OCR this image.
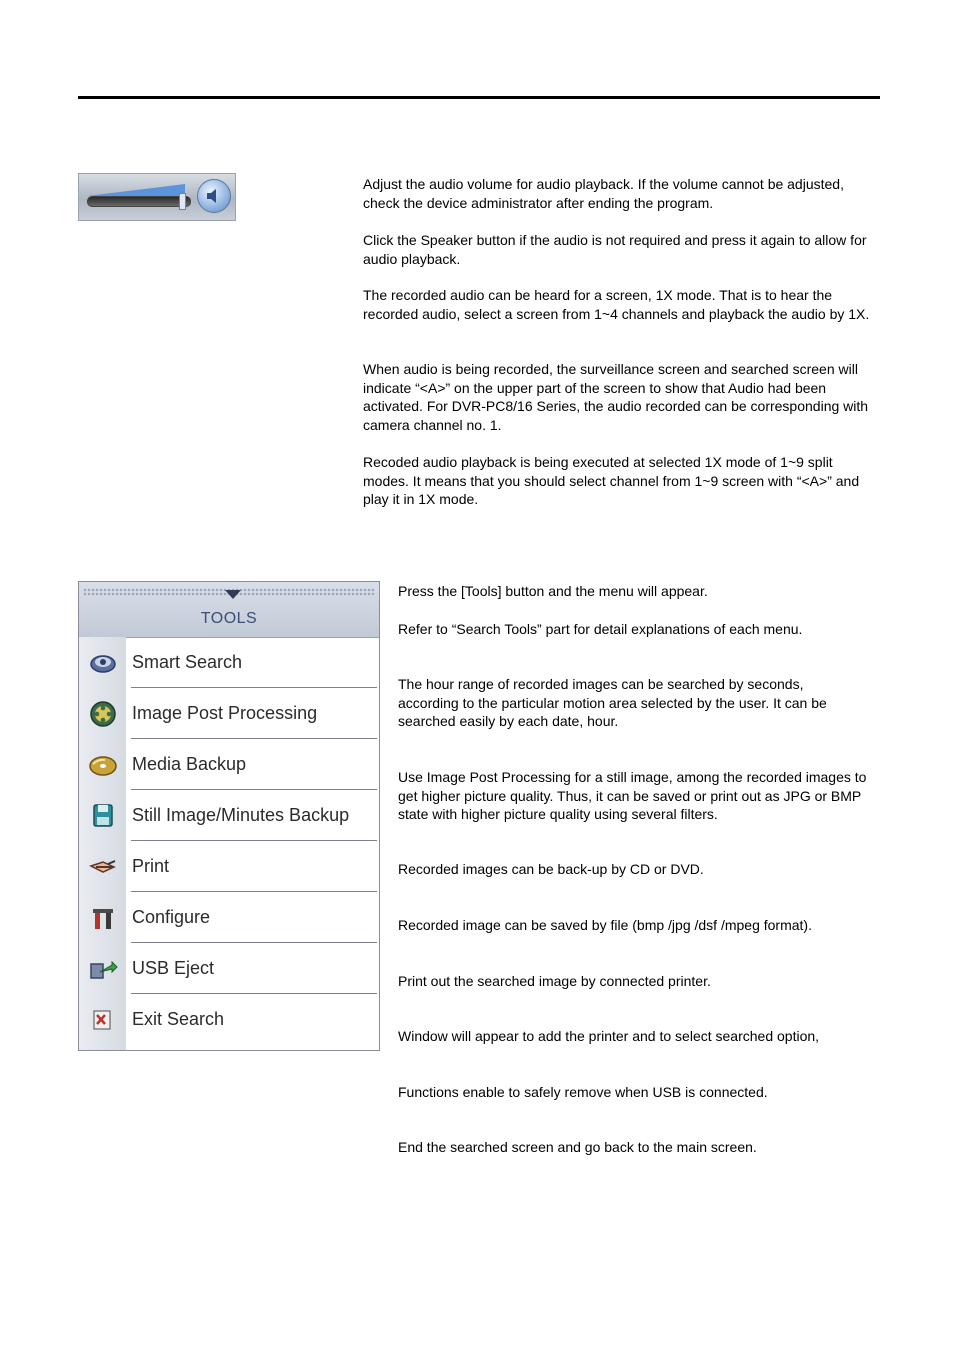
Adjust the audio volume for audio playback. If the volume cannot be adjusted, check the device administrator after ending the program.

Click the Speaker button if the audio is not required and press it again to allow for audio playback.

The recorded audio can be heard for a screen, 1X mode. That is to hear the recorded audio, select a screen from 1~4 channels and playback the audio by 1X.

When audio is being recorded, the surveillance screen and searched screen will indicate “<A>” on the upper part of the screen to show that Audio had been activated. For DVR-PC8/16 Series, the audio recorded can be corresponding with camera channel no. 1.

Recoded audio playback is being executed at selected 1X mode of 1~9 split modes. It means that you should select channel from 1~9 screen with “<A>” and play it in 1X mode.

TOOLS
Smart Search
Image Post Processing
Media Backup
Still Image/Minutes Backup
Print
Configure
USB Eject
Exit Search

Press the [Tools] button and the menu will appear.

Refer to “Search Tools” part for detail explanations of each menu.

The hour range of recorded images can be searched by seconds, according to the particular motion area selected by the user. It can be searched easily by each date, hour.

Use Image Post Processing for a still image, among the recorded images to get higher picture quality. Thus, it can be saved or print out as JPG or BMP state with higher picture quality using several filters.

Recorded images can be back-up by CD or DVD.

Recorded image can be saved by file (bmp /jpg /dsf /mpeg format).

Print out the searched image by connected printer.

Window will appear to add the printer and to select searched option,

Functions enable to safely remove when USB is connected.

End the searched screen and go back to the main screen.
